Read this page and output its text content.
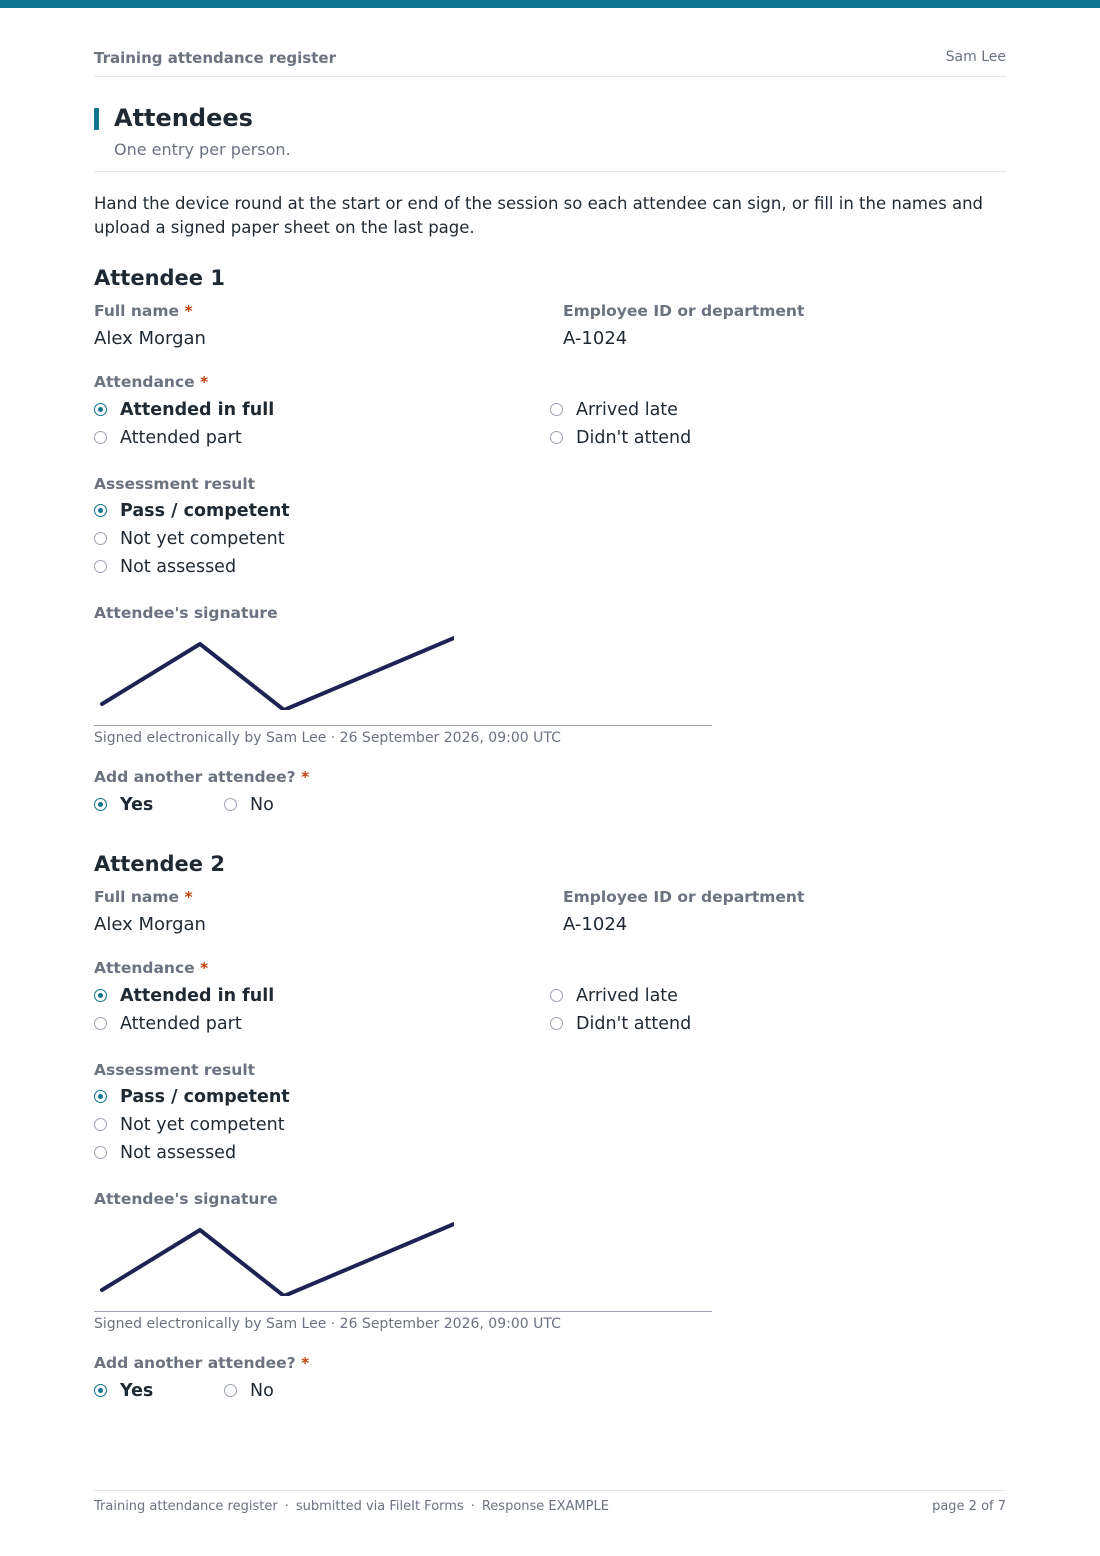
Training attendance register	Sam Lee
Attendees
One entry per person.
Hand the device round at the start or end of the session so each attendee can sign, or fill in the names and upload a signed paper sheet on the last page.
Attendee 1
Full name *
Alex Morgan
Employee ID or department
A-1024
Attendance *
Attended in full	Arrived late
Attended part	Didn't attend
Assessment result
Pass / competent
Not yet competent
Not assessed
Attendee's signature
Signed electronically by Sam Lee · 26 September 2026, 09:00 UTC
Add another attendee? *
Yes	No
Attendee 2
Full name *
Alex Morgan
Employee ID or department
A-1024
Attendance *
Attended in full	Arrived late
Attended part	Didn't attend
Assessment result
Pass / competent
Not yet competent
Not assessed
Attendee's signature
Signed electronically by Sam Lee · 26 September 2026, 09:00 UTC
Add another attendee? *
Yes	No
Training attendance register · submitted via FileIt Forms · Response EXAMPLE	page 2 of 7
